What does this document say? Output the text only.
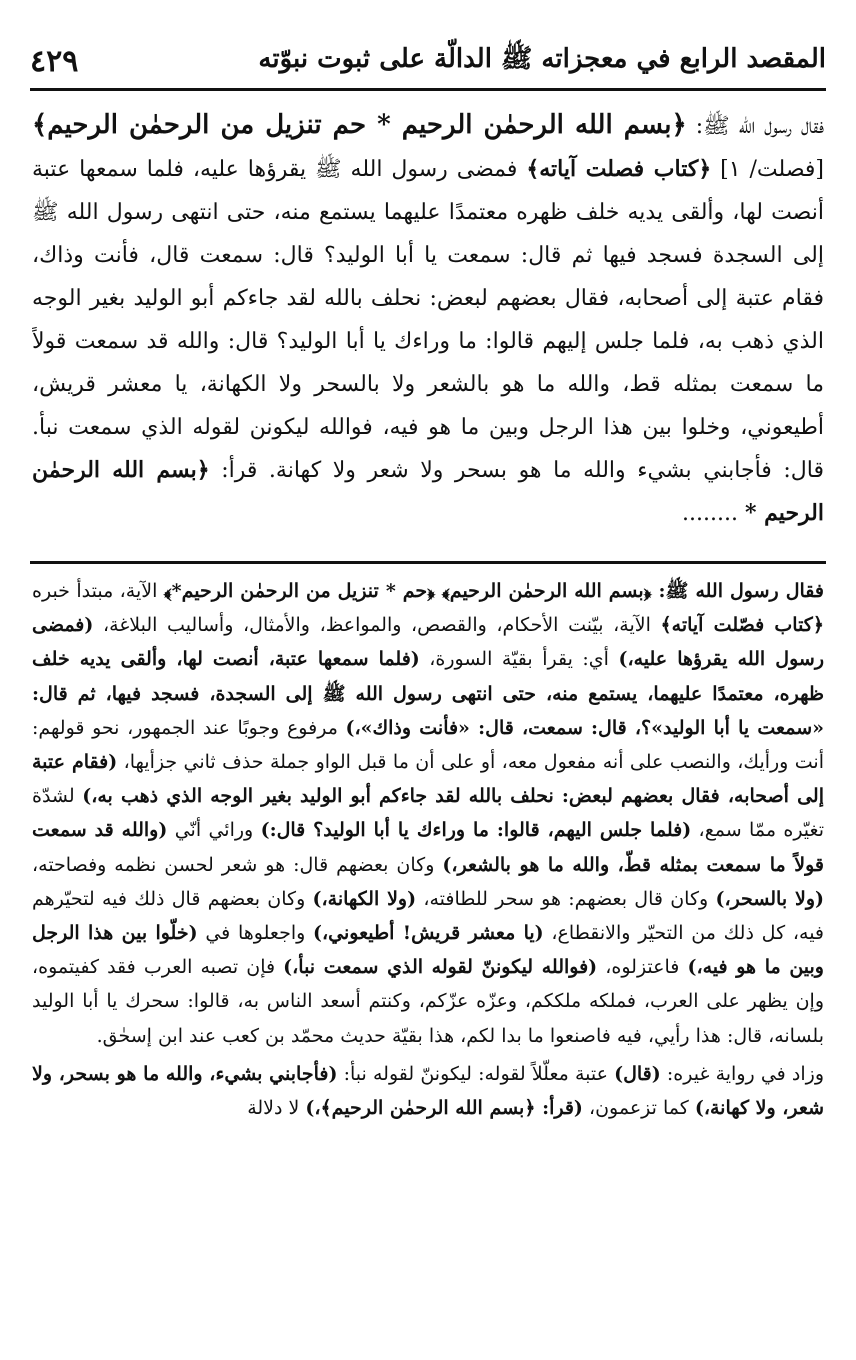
المقصد الرابع في معجزاته ﷺ الدالّة على ثبوت نبوّته
٤٢٩
فقال رسول الله ﷺ: ﴿بسم الله الرحمٰن الرحيم * حم تنزيل من الرحمٰن الرحيم﴾ [فصلت/ ١] ﴿كتاب فصلت آياته﴾ فمضى رسول الله ﷺ يقرؤها عليه، فلما سمعها عتبة أنصت لها، وألقى يديه خلف ظهره معتمدًا عليهما يستمع منه، حتى انتهى رسول الله ﷺ إلى السجدة فسجد فيها ثم قال: سمعت يا أبا الوليد؟ قال: سمعت قال، فأنت وذاك، فقام عتبة إلى أصحابه، فقال بعضهم لبعض: نحلف بالله لقد جاءكم أبو الوليد بغير الوجه الذي ذهب به، فلما جلس إليهم قالوا: ما وراءك يا أبا الوليد؟ قال: والله قد سمعت قولاً ما سمعت بمثله قط، والله ما هو بالشعر ولا بالسحر ولا الكهانة، يا معشر قريش، أطيعوني، وخلوا بين هذا الرجل وبين ما هو فيه، فوالله ليكونن لقوله الذي سمعت نبأ. قال: فأجابني بشيء والله ما هو بسحر ولا شعر ولا كهانة. قرأ: ﴿بسم الله الرحمٰن الرحيم * ........

فقال رسول الله ﷺ: ﴿بسم الله الرحمٰن الرحيم﴾ ﴿حم * تنزيل من الرحمٰن الرحيم*﴾ الآية، مبتدأ خبره ﴿كتاب فصّلت آياته﴾ الآية، بيّنت الأحكام، والقصص، والمواعظ، والأمثال، وأساليب البلاغة، (فمضى رسول الله يقرؤها عليه،) أي: يقرأ بقيّة السورة، (فلما سمعها عتبة، أنصت لها، وألقى يديه خلف ظهره، معتمدًا عليهما، يستمع منه، حتى انتهى رسول الله ﷺ إلى السجدة، فسجد فيها، ثم قال: «سمعت يا أبا الوليد»؟، قال: سمعت، قال: «فأنت وذاك»،) مرفوع وجوبًا عند الجمهور، نحو قولهم: أنت ورأيك، والنصب على أنه مفعول معه، أو على أن ما قبل الواو جملة حذف ثاني جزأيها، (فقام عتبة إلى أصحابه، فقال بعضهم لبعض: نحلف بالله لقد جاءكم أبو الوليد بغير الوجه الذي ذهب به،) لشدّة تغيّره ممّا سمع، (فلما جلس اليهم، قالوا: ما وراءك يا أبا الوليد؟ قال:) ورائي أنّي (والله قد سمعت قولاً ما سمعت بمثله قطّ، والله ما هو بالشعر،) وكان بعضهم قال: هو شعر لحسن نظمه وفصاحته، (ولا بالسحر،) وكان قال بعضهم: هو سحر للطافته، (ولا الكهانة،) وكان بعضهم قال ذلك فيه لتحيّرهم فيه، كل ذلك من التحيّر والانقطاع، (يا معشر قريش! أطيعوني،) واجعلوها في (خلّوا بين هذا الرجل وبين ما هو فيه،) فاعتزلوه، (فوالله ليكوننّ لقوله الذي سمعت نبأ،) فإن تصبه العرب فقد كفيتموه، وإن يظهر على العرب، فملكه ملككم، وعزّه عزّكم، وكنتم أسعد الناس به، قالوا: سحرك يا أبا الوليد بلسانه، قال: هذا رأيي، فيه فاصنعوا ما بدا لكم، هذا بقيّة حديث محمّد بن كعب عند ابن إسحٰق.

وزاد في رواية غيره: (قال) عتبة معلّلاً لقوله: ليكوننّ لقوله نبأ: (فأجابني بشيء، والله ما هو بسحر، ولا شعر، ولا كهانة،) كما تزعمون، (قرأ: ﴿بسم الله الرحمٰن الرحيم﴾،) لا دلالة
